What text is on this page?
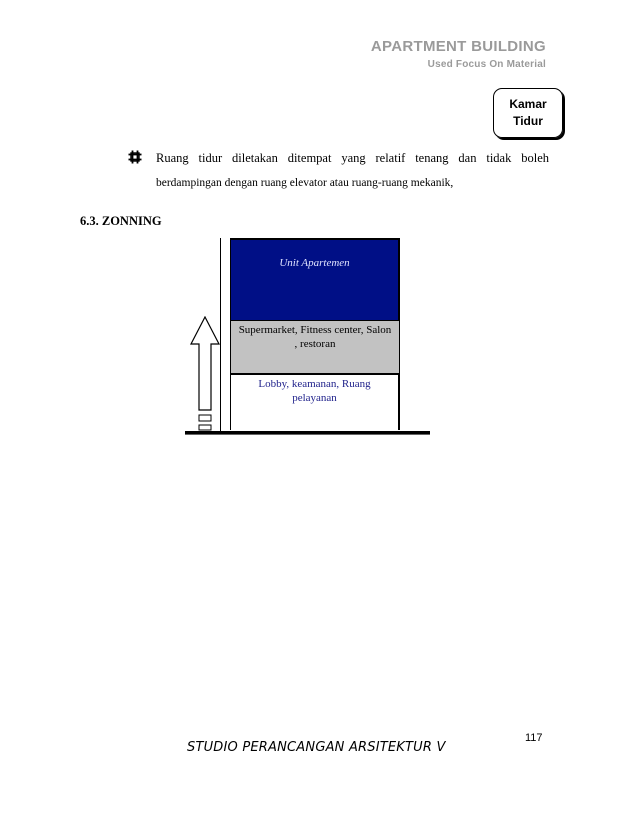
APARTMENT BUILDING
Used Focus On Material
Kamar
Tidur
Ruang tidur diletakan ditempat yang relatif tenang dan tidak boleh
berdampingan dengan ruang elevator atau ruang-ruang mekanik,
6.3. ZONNING
Unit Apartemen
Supermarket, Fitness center, Salon , restoran
Lobby, keamanan, Ruang pelayanan
117
STUDIO PERANCANGAN ARSITEKTUR V
